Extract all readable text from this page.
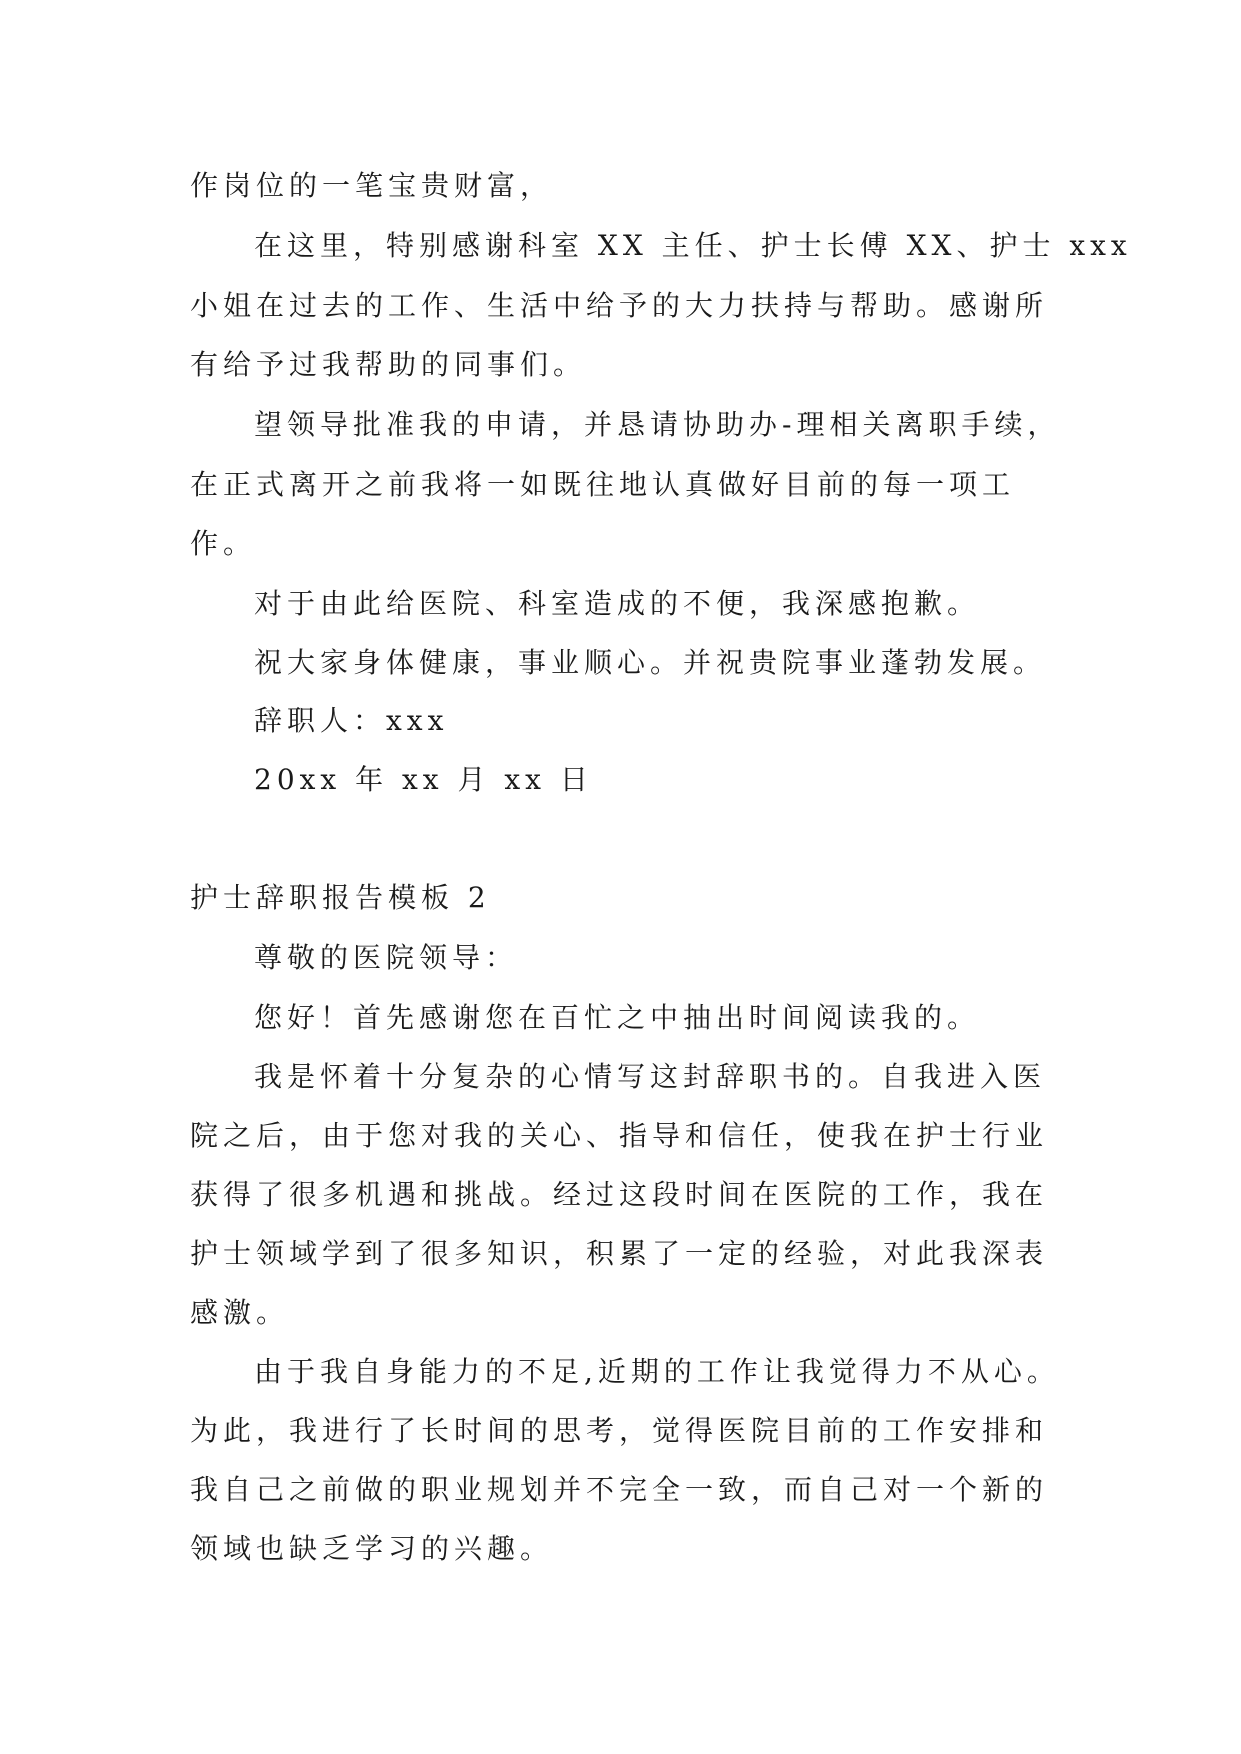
作岗位的一笔宝贵财富，

在这里，特别感谢科室 XX 主任、护士长傅 XX、护士 xxx

小姐在过去的工作、生活中给予的大力扶持与帮助。感谢所

有给予过我帮助的同事们。

望领导批准我的申请，并恳请协助办-理相关离职手续，

在正式离开之前我将一如既往地认真做好目前的每一项工

作。

对于由此给医院、科室造成的不便，我深感抱歉。

祝大家身体健康，事业顺心。并祝贵院事业蓬勃发展。

辞职人：xxx

20xx 年 xx 月 xx 日

护士辞职报告模板 2

尊敬的医院领导：

您好！首先感谢您在百忙之中抽出时间阅读我的。

我是怀着十分复杂的心情写这封辞职书的。自我进入医

院之后，由于您对我的关心、指导和信任，使我在护士行业

获得了很多机遇和挑战。经过这段时间在医院的工作，我在

护士领域学到了很多知识，积累了一定的经验，对此我深表

感激。

由于我自身能力的不足,近期的工作让我觉得力不从心。

为此，我进行了长时间的思考，觉得医院目前的工作安排和

我自己之前做的职业规划并不完全一致，而自己对一个新的

领域也缺乏学习的兴趣。
